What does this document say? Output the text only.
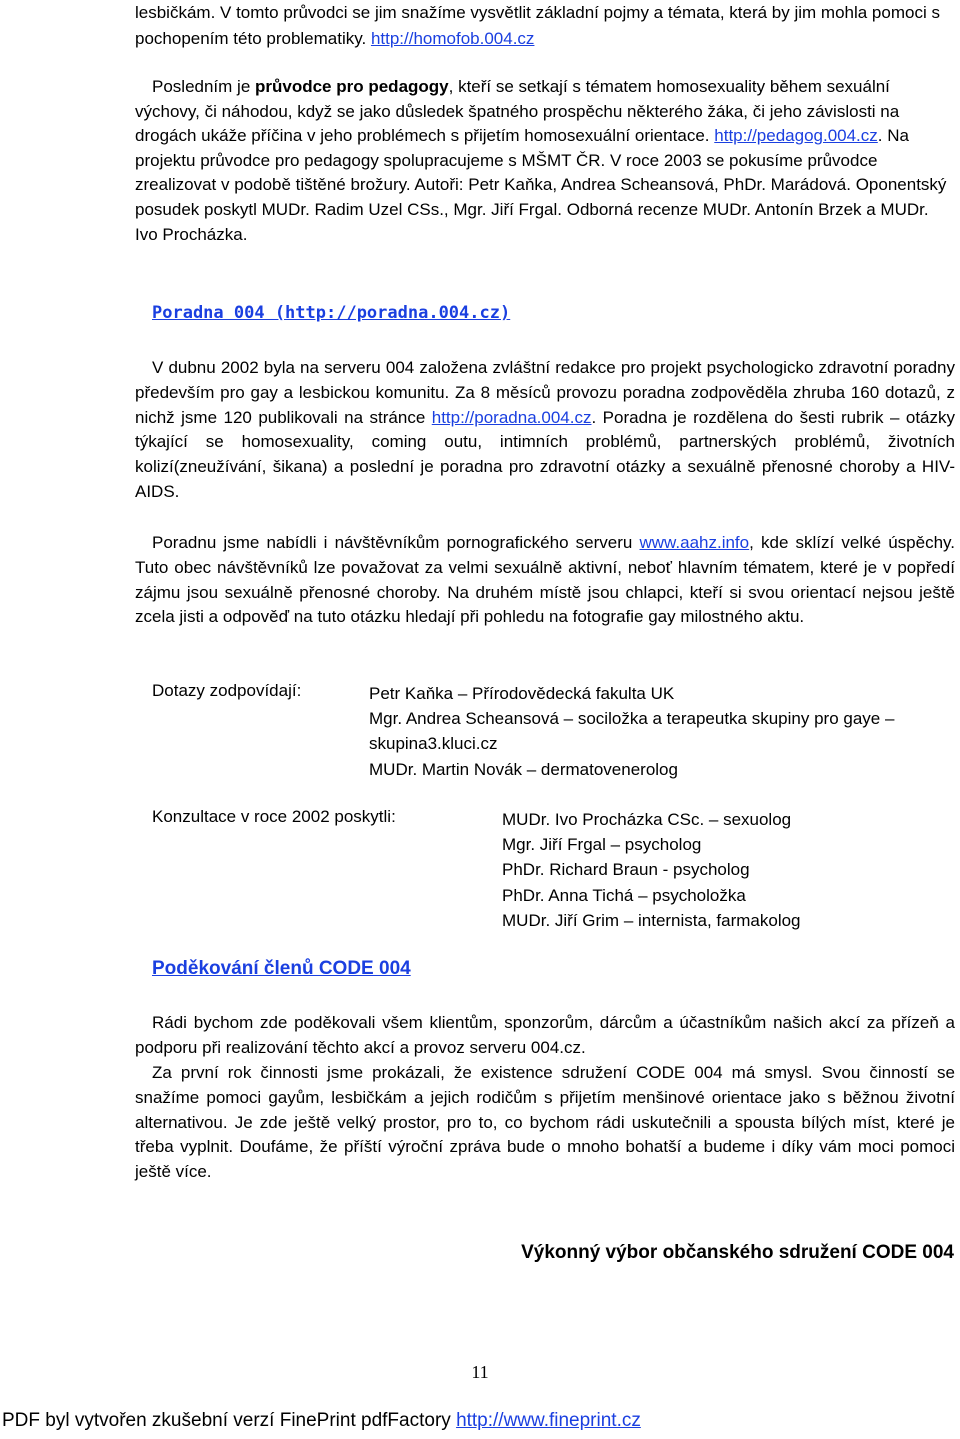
lesbičkám. V tomto průvodci se jim snažíme vysvětlit základní pojmy a témata, která by jim mohla pomoci s pochopením této problematiky. http://homofob.004.cz

Posledním je průvodce pro pedagogy, kteří se setkají s tématem homosexuality během sexuální výchovy, či náhodou, když se jako důsledek špatného prospěchu některého žáka, či jeho závislosti na drogách ukáže příčina v jeho problémech s přijetím homosexuální orientace. http://pedagog.004.cz. Na projektu průvodce pro pedagogy spolupracujeme s MŠMT ČR. V roce 2003 se pokusíme průvodce zrealizovat v podobě tištěné brožury. Autoři: Petr Kaňka, Andrea Scheansová, PhDr. Marádová. Oponentský posudek poskytl MUDr. Radim Uzel CSs., Mgr. Jiří Frgal. Odborná recenze MUDr. Antonín Brzek a MUDr. Ivo Procházka.

Poradna 004 (http://poradna.004.cz)

V dubnu 2002 byla na serveru 004 založena zvláštní redakce pro projekt psychologicko zdravotní poradny především pro gay a lesbickou komunitu. Za 8 měsíců provozu poradna zodpověděla zhruba 160 dotazů, z nichž jsme 120 publikovali na stránce http://poradna.004.cz. Poradna je rozdělena do šesti rubrik – otázky týkající se homosexuality, coming outu, intimních problémů, partnerských problémů, životních kolizí(zneužívání, šikana) a poslední je poradna pro zdravotní otázky a sexuálně přenosné choroby a HIV-AIDS.

Poradnu jsme nabídli i návštěvníkům pornografického serveru www.aahz.info, kde sklízí velké úspěchy. Tuto obec návštěvníků lze považovat za velmi sexuálně aktivní, neboť hlavním tématem, které je v popředí zájmu jsou sexuálně přenosné choroby. Na druhém místě jsou chlapci, kteří si svou orientací nejsou ještě zcela jisti a odpověď na tuto otázku hledají při pohledu na fotografie gay milostného aktu.

Dotazy zodpovídají:	Petr Kaňka – Přírodovědecká fakulta UK
Mgr. Andrea Scheansová – sociložka a terapeutka skupiny pro gaye – skupina3.kluci.cz
MUDr. Martin Novák – dermatovenerolog
Konzultace v roce 2002 poskytli:	MUDr. Ivo Procházka CSc. – sexuolog
Mgr. Jiří Frgal – psycholog
PhDr. Richard Braun - psycholog
PhDr. Anna Tichá – psycholožka
MUDr. Jiří Grim – internista, farmakolog
Poděkování členů CODE 004

Rádi bychom zde poděkovali všem klientům, sponzorům, dárcům a účastníkům našich akcí za přízeň a podporu při realizování těchto akcí a provoz serveru 004.cz.

Za první rok činnosti jsme prokázali, že existence sdružení CODE 004 má smysl. Svou činností se snažíme pomoci gayům, lesbičkám a jejich rodičům s přijetím menšinové orientace jako s běžnou životní alternativou. Je zde ještě velký prostor, pro to, co bychom rádi uskutečnili a spousta bílých míst, které je třeba vyplnit. Doufáme, že příští výroční zpráva bude o mnoho bohatší a budeme i díky vám moci pomoci ještě více.

Výkonný výbor občanského sdružení CODE 004
11
PDF byl vytvořen zkušební verzí FinePrint pdfFactory http://www.fineprint.cz
